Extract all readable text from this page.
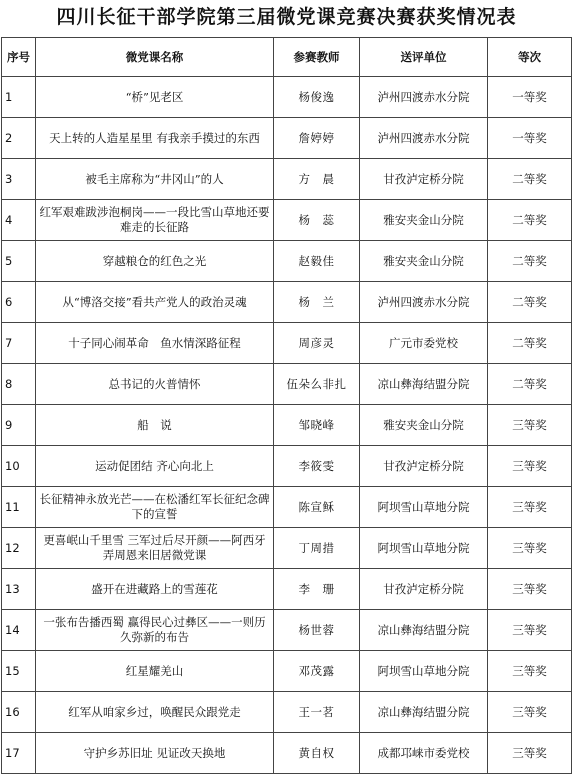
四川长征干部学院第三届微党课竞赛决赛获奖情况表
序号	微党课名称	参赛教师	送评单位	等次
1	“桥”见老区	杨俊逸	泸州四渡赤水分院	一等奖
2	天上转的人造星星里 有我亲手摸过的东西	詹婷婷	泸州四渡赤水分院	一等奖
3	被毛主席称为“井冈山”的人	方　晨	甘孜泸定桥分院	二等奖
4	红军艰难跋涉泡桐岗——一段比雪山草地还要难走的长征路	杨　蕊	雅安夹金山分院	二等奖
5	穿越粮仓的红色之光	赵毅佳	雅安夹金山分院	二等奖
6	从“博洛交接”看共产党人的政治灵魂	杨　兰	泸州四渡赤水分院	二等奖
7	十子同心闹革命　鱼水情深路征程	周彦灵	广元市委党校	二等奖
8	总书记的火普情怀	伍朵么非扎	凉山彝海结盟分院	二等奖
9	船　说	邹晓峰	雅安夹金山分院	三等奖
10	运动促团结 齐心向北上	李筱雯	甘孜泸定桥分院	三等奖
11	长征精神永放光芒——在松潘红军长征纪念碑下的宣誓	陈宣稣	阿坝雪山草地分院	三等奖
12	更喜岷山千里雪 三军过后尽开颜——阿西牙弄周恩来旧居微党课	丁周措	阿坝雪山草地分院	三等奖
13	盛开在进藏路上的雪莲花	李　珊	甘孜泸定桥分院	三等奖
14	一张布告播西蜀 赢得民心过彝区——一则历久弥新的布告	杨世蓉	凉山彝海结盟分院	三等奖
15	红星耀羌山	邓茂露	阿坝雪山草地分院	三等奖
16	红军从咱家乡过，唤醒民众跟党走	王一茗	凉山彝海结盟分院	三等奖
17	守护乡苏旧址 见证改天换地	黄自权	成都邛崃市委党校	三等奖
